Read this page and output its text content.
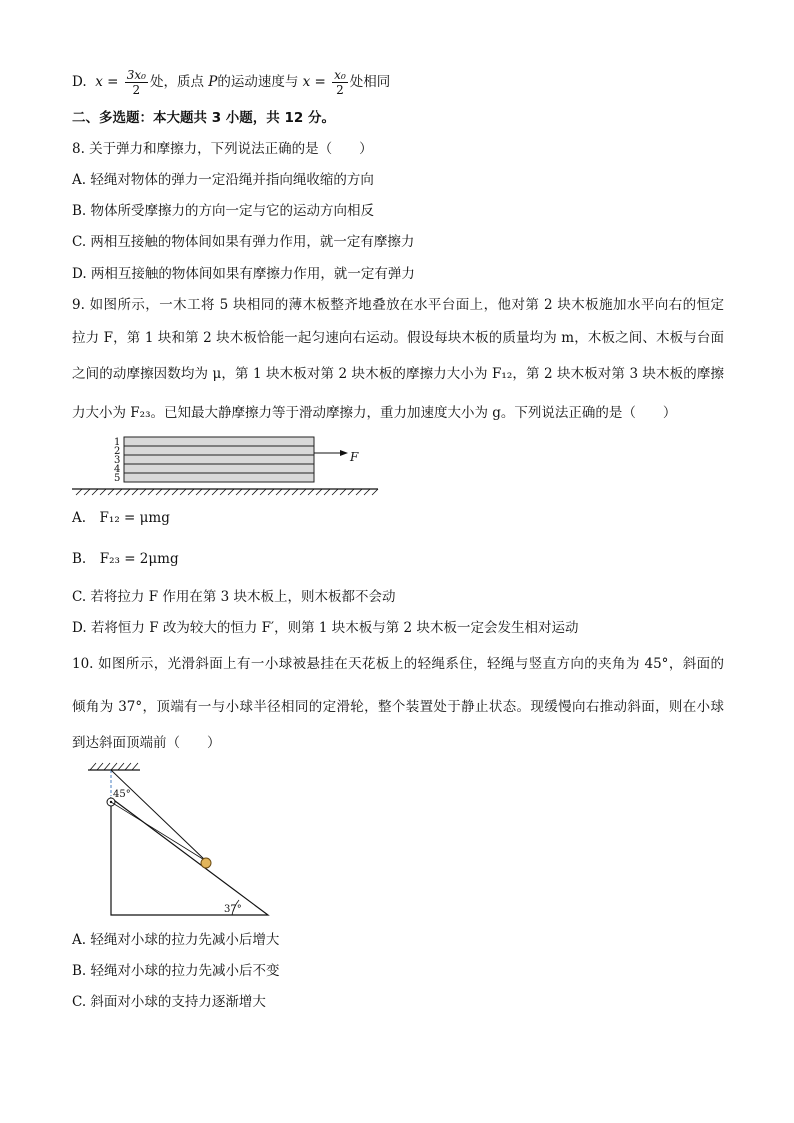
D. $x = \frac{\text{3x₀}}{2}$ 处，质点 P的运动速度与 $x = \frac{\text{x₀}}{2}$ 处相同
二、多选题：本大题共 3 小题，共 12 分。
8. 关于弹力和摩擦力，下列说法正确的是（　　）
A. 轻绳对物体的弹力一定沿绳并指向绳收缩的方向
B. 物体所受摩擦力的方向一定与它的运动方向相反
C. 两相互接触的物体间如果有弹力作用，就一定有摩擦力
D. 两相互接触的物体间如果有摩擦力作用，就一定有弹力
9. 如图所示，一木工将 5 块相同的薄木板整齐地叠放在水平台面上，他对第 2 块木板施加水平向右的恒定
拉力 F，第 1 块和第 2 块木板恰能一起匀速向右运动。假设每块木板的质量均为 m，木板之间、木板与台面
之间的动摩擦因数均为 μ，第 1 块木板对第 2 块木板的摩擦力大小为 F₁₂，第 2 块木板对第 3 块木板的摩擦
力大小为 F₂₃。已知最大静摩擦力等于滑动摩擦力，重力加速度大小为 g。下列说法正确的是（　　）
1
2
3
4
5
F
A.　F₁₂ = μmg
B.　F₂₃ = 2μmg
C. 若将拉力 F 作用在第 3 块木板上，则木板都不会动
D. 若将恒力 F 改为较大的恒力 F′，则第 1 块木板与第 2 块木板一定会发生相对运动
10. 如图所示，光滑斜面上有一小球被悬挂在天花板上的轻绳系住，轻绳与竖直方向的夹角为 45°，斜面的
倾角为 37°，顶端有一与小球半径相同的定滑轮，整个装置处于静止状态。现缓慢向右推动斜面，则在小球
到达斜面顶端前（　　）
45°
37°
A. 轻绳对小球的拉力先减小后增大
B. 轻绳对小球的拉力先减小后不变
C. 斜面对小球的支持力逐渐增大
